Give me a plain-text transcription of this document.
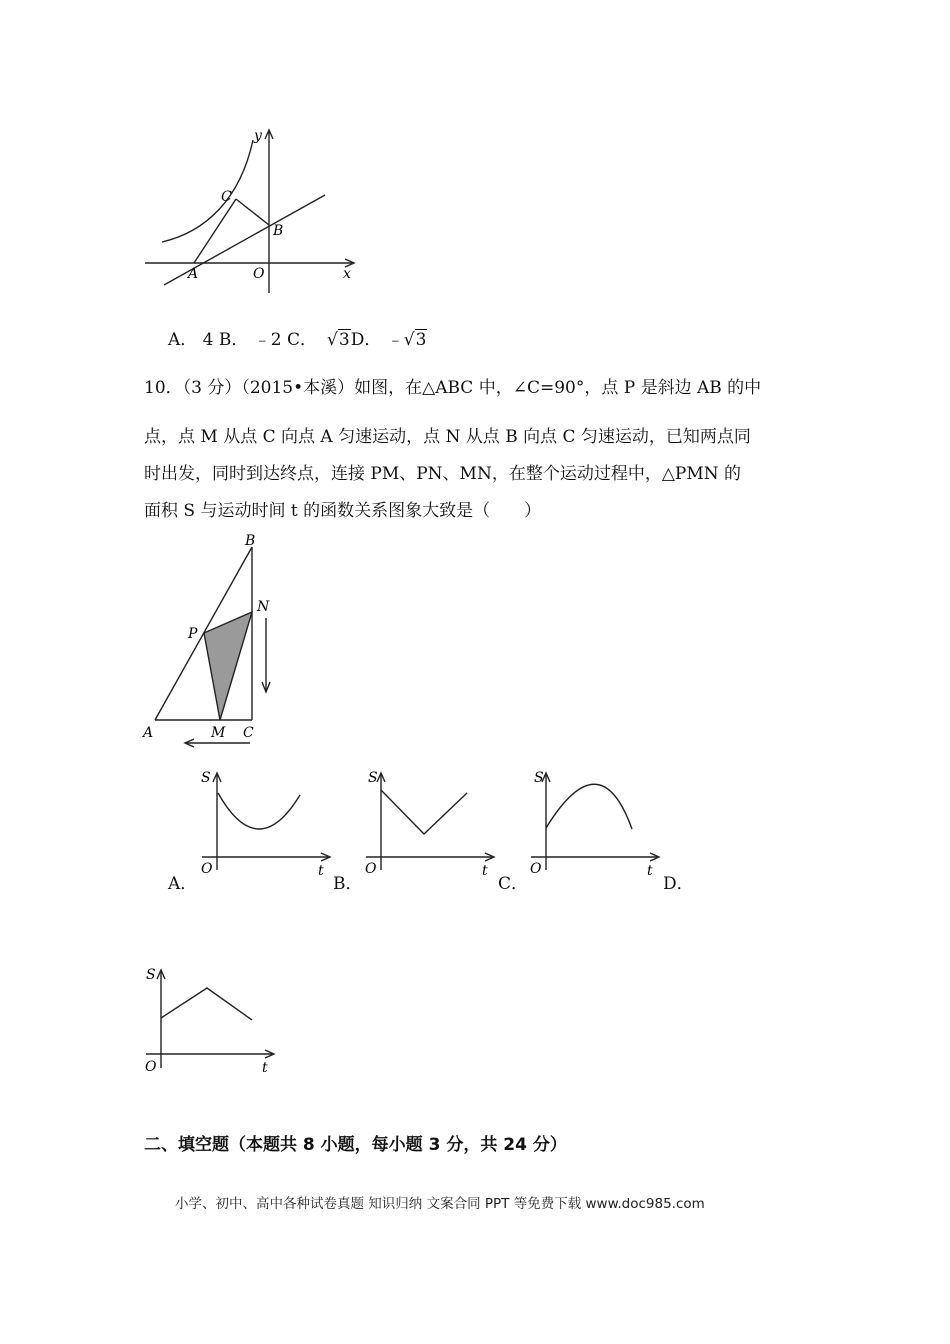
y
x
C
B
A	O
A． 4 B． ﹣2 C． √3D． ﹣√3
10．（3 分）（2015•本溪）如图，在△ABC 中，∠C=90°，点 P 是斜边 AB 的中
点，点 M 从点 C 向点 A 匀速运动，点 N 从点 B 向点 C 匀速运动，已知两点同
时出发，同时到达终点，连接 PM、PN、MN，在整个运动过程中，△PMN 的
面积 S 与运动时间 t 的函数关系图象大致是（　　）
B
N
P
A	M C
S
O	t
S
O	t
S
O	t
A．	B．	C．	D．
S
O	t
二、填空题（本题共 8 小题，每小题 3 分，共 24 分）
小学、初中、高中各种试卷真题 知识归纳 文案合同 PPT 等免费下载 www.doc985.com
